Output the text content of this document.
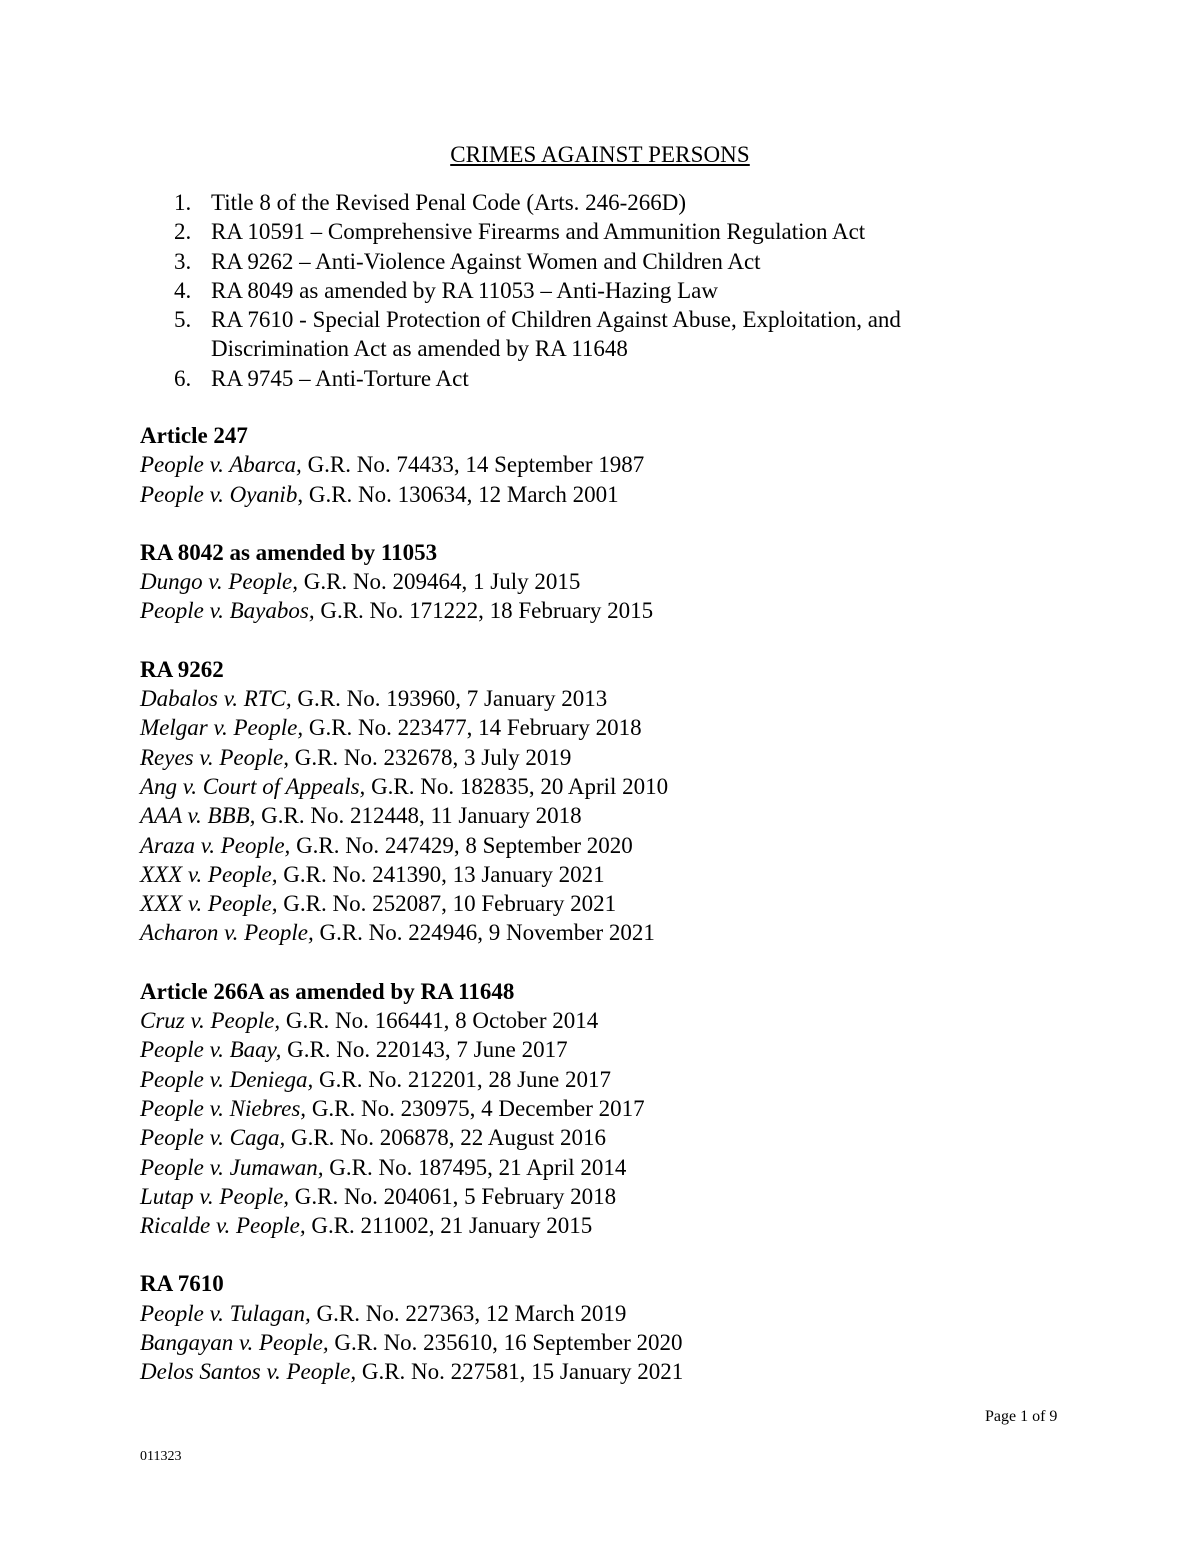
CRIMES AGAINST PERSONS
1. Title 8 of the Revised Penal Code (Arts. 246-266D)
2. RA 10591 – Comprehensive Firearms and Ammunition Regulation Act
3. RA 9262 – Anti-Violence Against Women and Children Act
4. RA 8049 as amended by RA 11053 – Anti-Hazing Law
5. RA 7610 - Special Protection of Children Against Abuse, Exploitation, and Discrimination Act as amended by RA 11648
6. RA 9745 – Anti-Torture Act
Article 247
People v. Abarca, G.R. No. 74433, 14 September 1987
People v. Oyanib, G.R. No. 130634, 12 March 2001
RA 8042 as amended by 11053
Dungo v. People, G.R. No. 209464, 1 July 2015
People v. Bayabos, G.R. No. 171222, 18 February 2015
RA 9262
Dabalos v. RTC, G.R. No. 193960, 7 January 2013
Melgar v. People, G.R. No. 223477, 14 February 2018
Reyes v. People, G.R. No. 232678, 3 July 2019
Ang v. Court of Appeals, G.R. No. 182835, 20 April 2010
AAA v. BBB, G.R. No. 212448, 11 January 2018
Araza v. People, G.R. No. 247429, 8 September 2020
XXX v. People, G.R. No. 241390, 13 January 2021
XXX v. People, G.R. No. 252087, 10 February 2021
Acharon v. People, G.R. No. 224946, 9 November 2021
Article 266A as amended by RA 11648
Cruz v. People, G.R. No. 166441, 8 October 2014
People v. Baay, G.R. No. 220143, 7 June 2017
People v. Deniega, G.R. No. 212201, 28 June 2017
People v. Niebres, G.R. No. 230975, 4 December 2017
People v. Caga, G.R. No. 206878, 22 August 2016
People v. Jumawan, G.R. No. 187495, 21 April 2014
Lutap v. People, G.R. No. 204061, 5 February 2018
Ricalde v. People, G.R. 211002, 21 January 2015
RA 7610
People v. Tulagan, G.R. No. 227363, 12 March 2019
Bangayan v. People, G.R. No. 235610, 16 September 2020
Delos Santos v. People, G.R. No. 227581, 15 January 2021
Page 1 of 9
011323
